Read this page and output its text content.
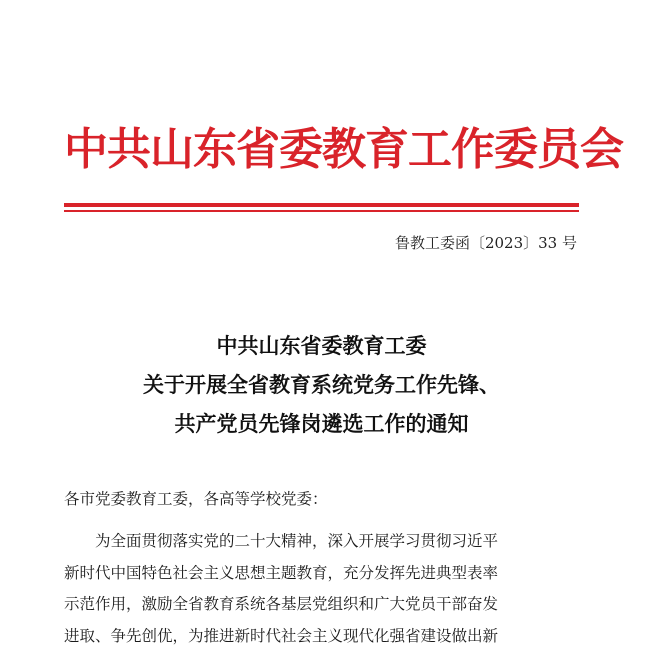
中共山东省委教育工作委员会
鲁教工委函〔2023〕33 号
中共山东省委教育工委
关于开展全省教育系统党务工作先锋、
共产党员先锋岗遴选工作的通知
各市党委教育工委，各高等学校党委：
为全面贯彻落实党的二十大精神，深入开展学习贯彻习近平
新时代中国特色社会主义思想主题教育，充分发挥先进典型表率
示范作用，激励全省教育系统各基层党组织和广大党员干部奋发
进取、争先创优，为推进新时代社会主义现代化强省建设做出新
